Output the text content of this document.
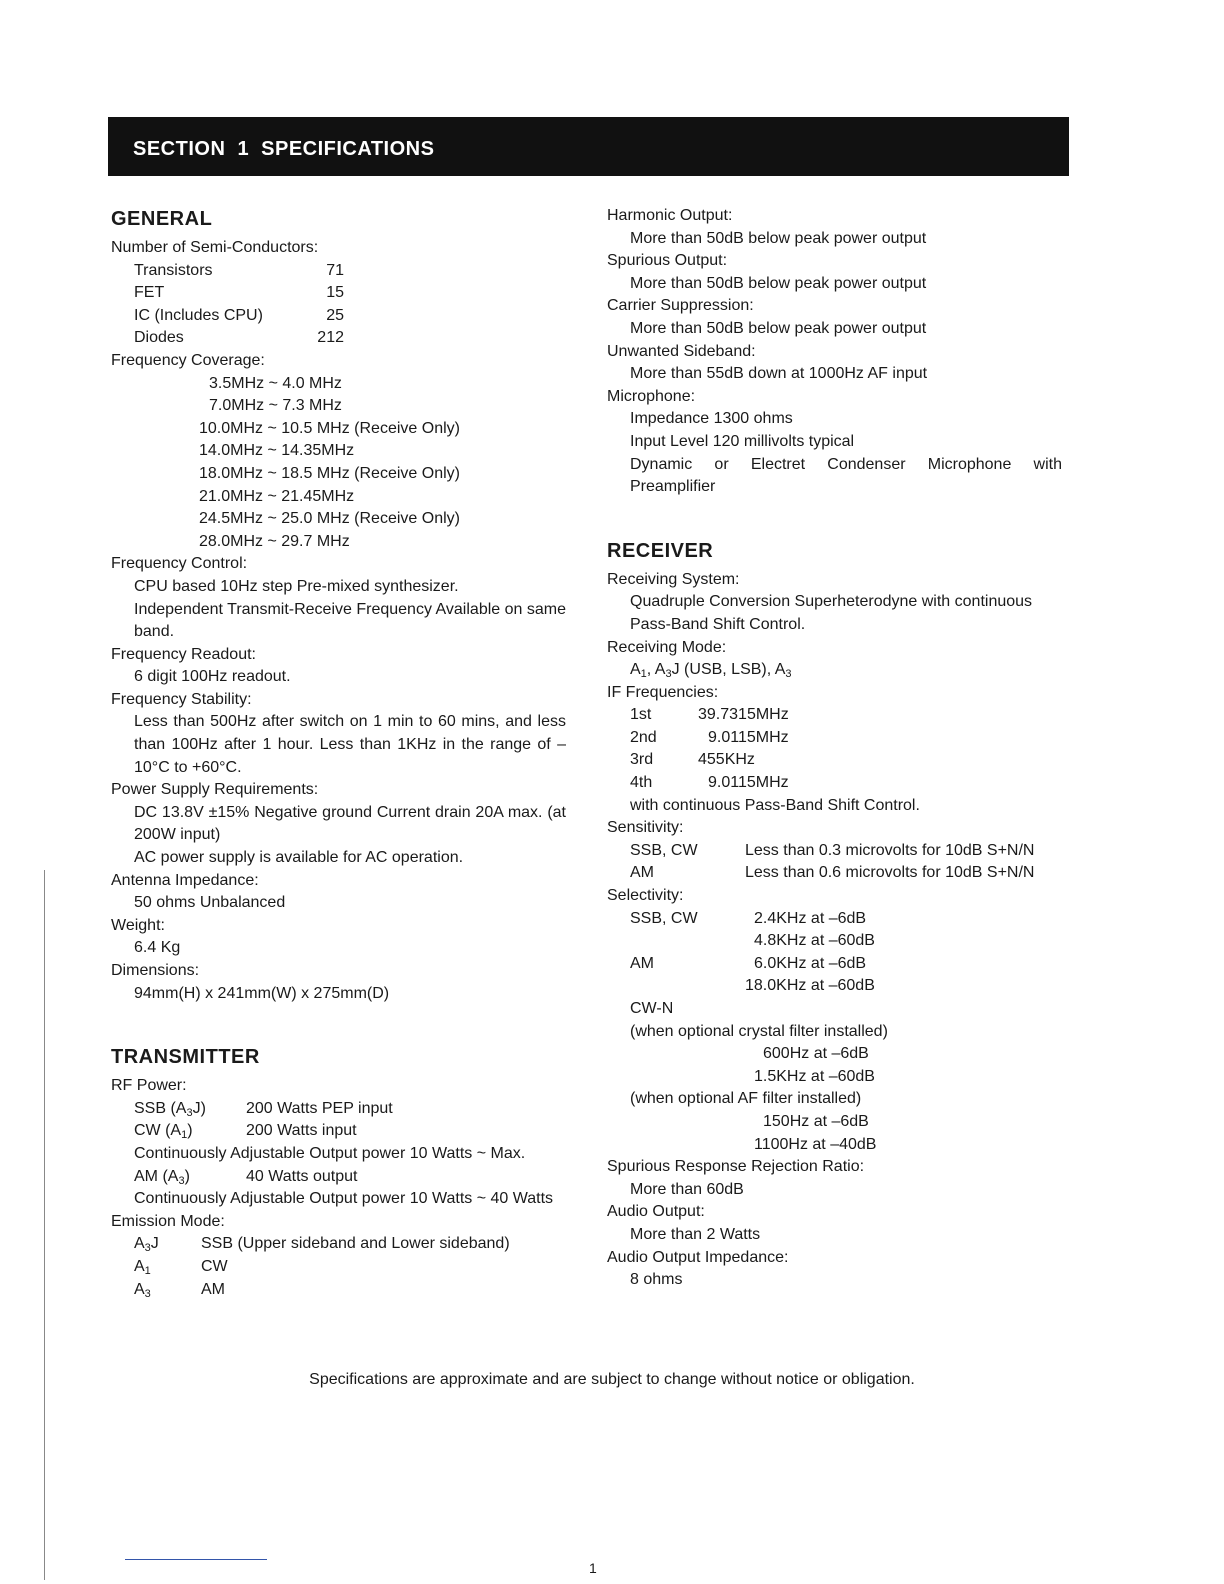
SECTION 1 SPECIFICATIONS
GENERAL
Number of Semi-Conductors:
Transistors	71
FET	15
IC (Includes CPU)	25
Diodes	212
Frequency Coverage:
3.5MHz ~ 4.0 MHz
7.0MHz ~ 7.3 MHz
10.0MHz ~ 10.5 MHz (Receive Only)
14.0MHz ~ 14.35MHz
18.0MHz ~ 18.5 MHz (Receive Only)
21.0MHz ~ 21.45MHz
24.5MHz ~ 25.0 MHz (Receive Only)
28.0MHz ~ 29.7 MHz
Frequency Control:
CPU based 10Hz step Pre-mixed synthesizer.
Independent Transmit-Receive Frequency Available on same band.
Frequency Readout:
6 digit 100Hz readout.
Frequency Stability:
Less than 500Hz after switch on 1 min to 60 mins, and less than 100Hz after 1 hour. Less than 1KHz in the range of –10°C to +60°C.
Power Supply Requirements:
DC 13.8V ±15% Negative ground Current drain 20A max. (at 200W input)
AC power supply is available for AC operation.
Antenna Impedance:
50 ohms Unbalanced
Weight:
6.4 Kg
Dimensions:
94mm(H) x 241mm(W) x 275mm(D)
TRANSMITTER
RF Power:
SSB $(A_3J)$	200 Watts PEP input
CW $(A_1)$	200 Watts input
Continuously Adjustable Output power 10 Watts ~ Max.
AM $(A_3)$	40 Watts output
Continuously Adjustable Output power 10 Watts ~ 40 Watts
Emission Mode:
$A_3J$	SSB (Upper sideband and Lower sideband)
$A_1$	CW
$A_3$	AM
Harmonic Output:
More than 50dB below peak power output
Spurious Output:
More than 50dB below peak power output
Carrier Suppression:
More than 50dB below peak power output
Unwanted Sideband:
More than 55dB down at 1000Hz AF input
Microphone:
Impedance 1300 ohms
Input Level 120 millivolts typical
Dynamic or Electret Condenser Microphone with Preamplifier
RECEIVER
Receiving System:
Quadruple Conversion Superheterodyne with continuous Pass-Band Shift Control.
Receiving Mode:
$A_1$, $A_3J$ (USB, LSB), $A_3$
IF Frequencies:
1st	39.7315MHz
2nd	9.0115MHz
3rd	455KHz
4th	9.0115MHz
with continuous Pass-Band Shift Control.
Sensitivity:
SSB, CW	Less than 0.3 microvolts for 10dB S+N/N
AM	Less than 0.6 microvolts for 10dB S+N/N
Selectivity:
SSB, CW	2.4KHz at –6dB
4.8KHz at –60dB
AM	6.0KHz at –6dB
18.0KHz at –60dB
CW-N
(when optional crystal filter installed)
600Hz at –6dB
1.5KHz at –60dB
(when optional AF filter installed)
150Hz at –6dB
1100Hz at –40dB
Spurious Response Rejection Ratio:
More than 60dB
Audio Output:
More than 2 Watts
Audio Output Impedance:
8 ohms
Specifications are approximate and are subject to change without notice or obligation.
1
